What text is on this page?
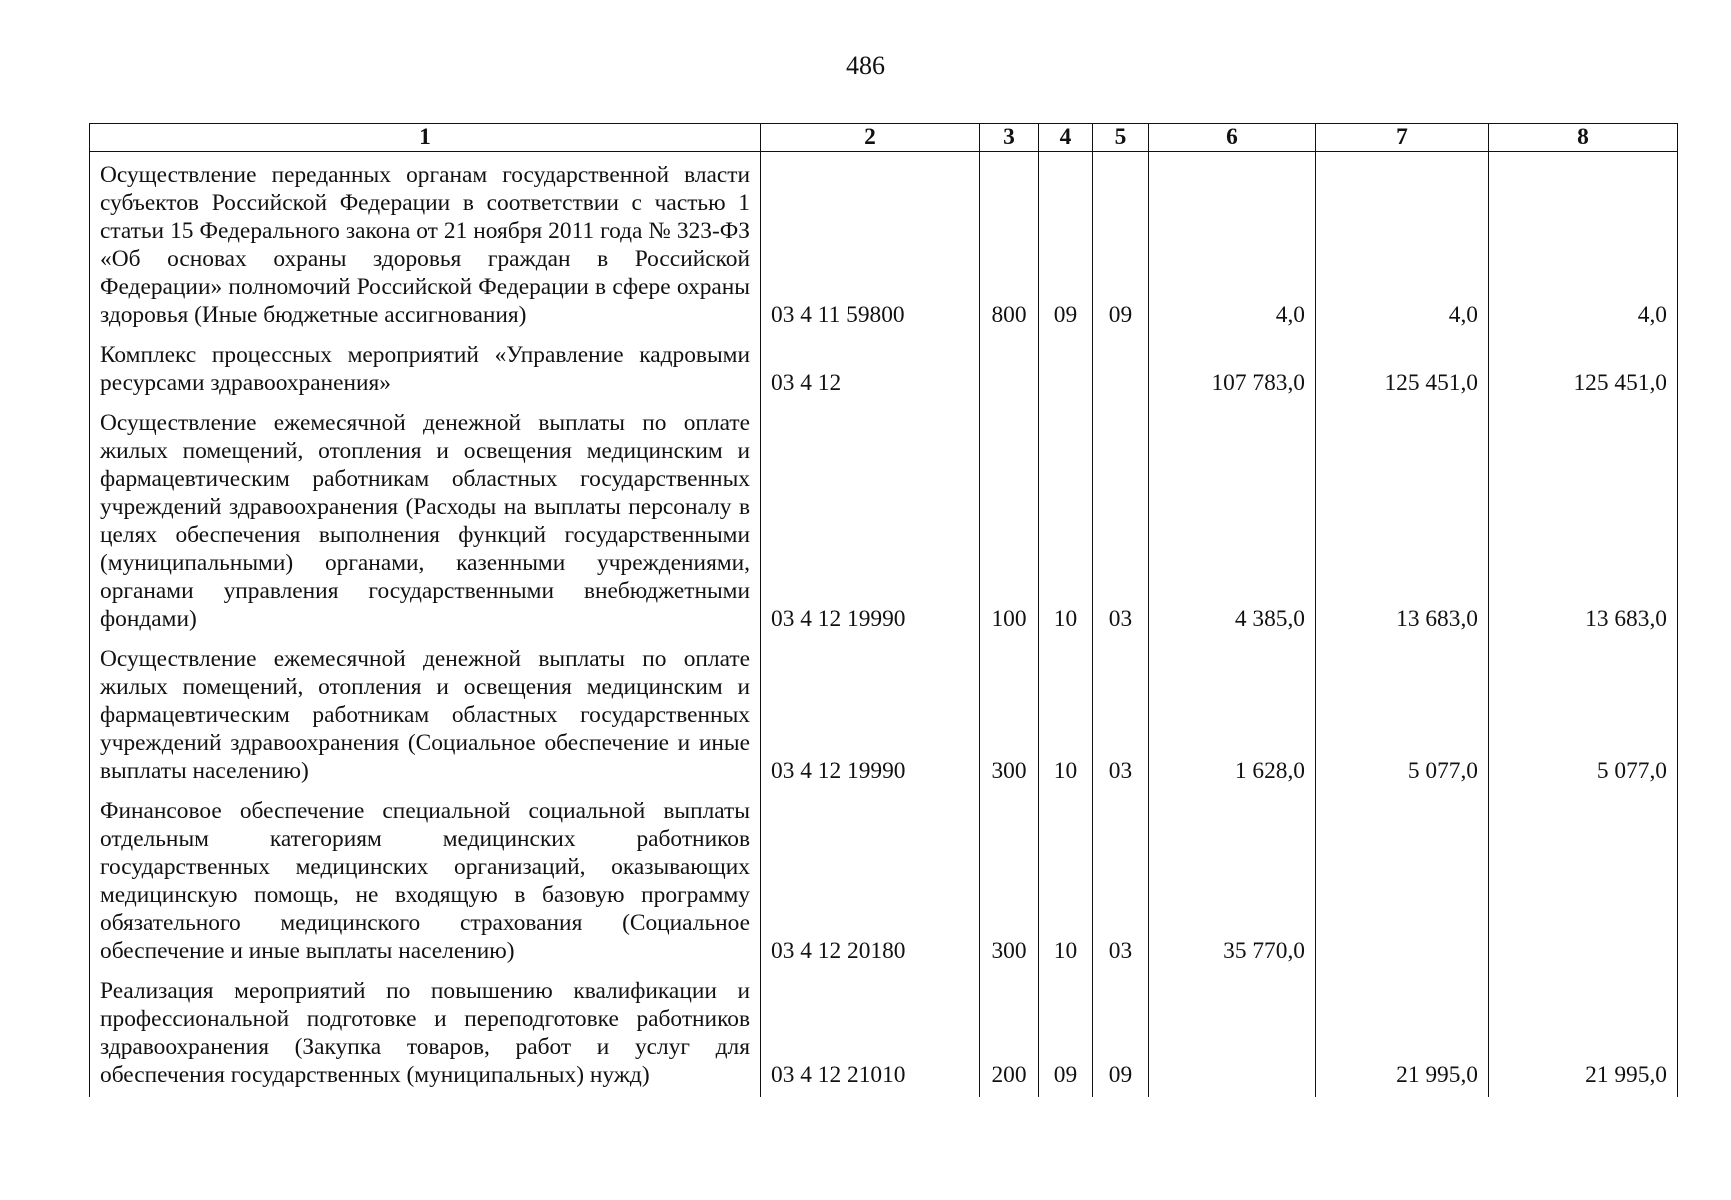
486
1	2	3	4	5	6	7	8
Осуществление переданных органам государственной власти субъектов Российской Федерации в соответствии с частью 1 статьи 15 Федерального закона от 21 ноября 2011 года № 323-ФЗ «Об основах охраны здоровья граждан в Российской Федерации» полномочий Российской Федерации в сфере охраны здоровья (Иные бюджетные ассигнования)	03 4 11 59800	800	09	09	4,0	4,0	4,0
Комплекс процессных мероприятий «Управление кадровыми ресурсами здравоохранения»	03 4 12				107 783,0	125 451,0	125 451,0
Осуществление ежемесячной денежной выплаты по оплате жилых помещений, отопления и освещения медицинским и фармацевтическим работникам областных государственных учреждений здравоохранения (Расходы на выплаты персоналу в целях обеспечения выполнения функций государственными (муниципальными) органами, казенными учреждениями, органами управления государственными внебюджетными фондами)	03 4 12 19990	100	10	03	4 385,0	13 683,0	13 683,0
Осуществление ежемесячной денежной выплаты по оплате жилых помещений, отопления и освещения медицинским и фармацевтическим работникам областных государственных учреждений здравоохранения (Социальное обеспечение и иные выплаты населению)	03 4 12 19990	300	10	03	1 628,0	5 077,0	5 077,0
Финансовое обеспечение специальной социальной выплаты отдельным категориям медицинских работников государственных медицинских организаций, оказывающих медицинскую помощь, не входящую в базовую программу обязательного медицинского страхования (Социальное обеспечение и иные выплаты населению)	03 4 12 20180	300	10	03	35 770,0		
Реализация мероприятий по повышению квалификации и профессиональной подготовке и переподготовке работников здравоохранения (Закупка товаров, работ и услуг для обеспечения государственных (муниципальных) нужд)	03 4 12 21010	200	09	09		21 995,0	21 995,0
